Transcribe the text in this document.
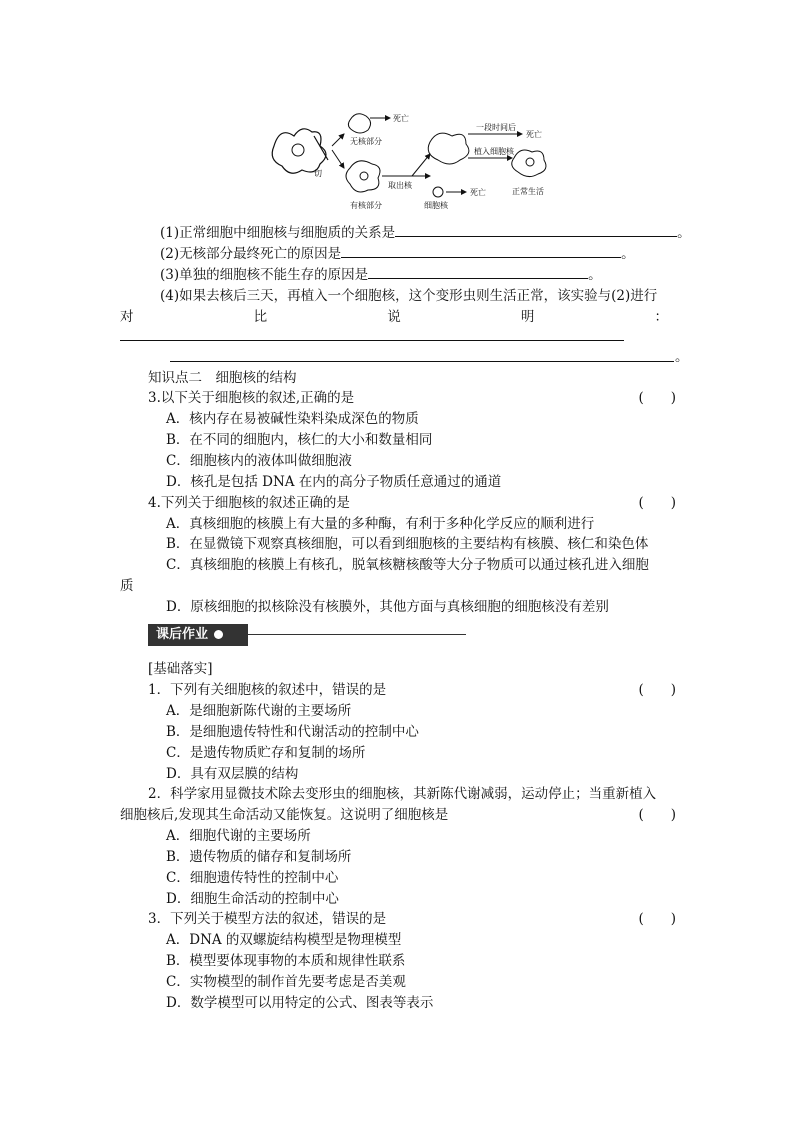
切
死亡
无核部分
有核部分
取出核
一段时间后
死亡
植入细胞核
正常生活
死亡
细胞核
(1)正常细胞中细胞核与细胞质的关系是	。
(2)无核部分最终死亡的原因是	。
(3)单独的细胞核不能生存的原因是	。
(4)如果去核后三天，再植入一个细胞核，这个变形虫则生活正常，该实验与(2)进行
对	比	说	明	：
。
知识点二　细胞核的结构
3.以下关于细胞核的叙述,正确的是	(　　)
A．核内存在易被碱性染料染成深色的物质
B．在不同的细胞内，核仁的大小和数量相同
C．细胞核内的液体叫做细胞液
D．核孔是包括 DNA 在内的高分子物质任意通过的通道
4.下列关于细胞核的叙述正确的是	(　　)
A．真核细胞的核膜上有大量的多种酶，有利于多种化学反应的顺利进行
B．在显微镜下观察真核细胞，可以看到细胞核的主要结构有核膜、核仁和染色体
C．真核细胞的核膜上有核孔，脱氧核糖核酸等大分子物质可以通过核孔进入细胞
质
D．原核细胞的拟核除没有核膜外，其他方面与真核细胞的细胞核没有差别
课后作业
[基础落实]
1．下列有关细胞核的叙述中，错误的是	(　　)
A．是细胞新陈代谢的主要场所
B．是细胞遗传特性和代谢活动的控制中心
C．是遗传物质贮存和复制的场所
D．具有双层膜的结构
2．科学家用显微技术除去变形虫的细胞核，其新陈代谢减弱，运动停止；当重新植入
细胞核后,发现其生命活动又能恢复。这说明了细胞核是	(　　)
A．细胞代谢的主要场所
B．遗传物质的储存和复制场所
C．细胞遗传特性的控制中心
D．细胞生命活动的控制中心
3．下列关于模型方法的叙述，错误的是	(　　)
A．DNA 的双螺旋结构模型是物理模型
B．模型要体现事物的本质和规律性联系
C．实物模型的制作首先要考虑是否美观
D．数学模型可以用特定的公式、图表等表示
